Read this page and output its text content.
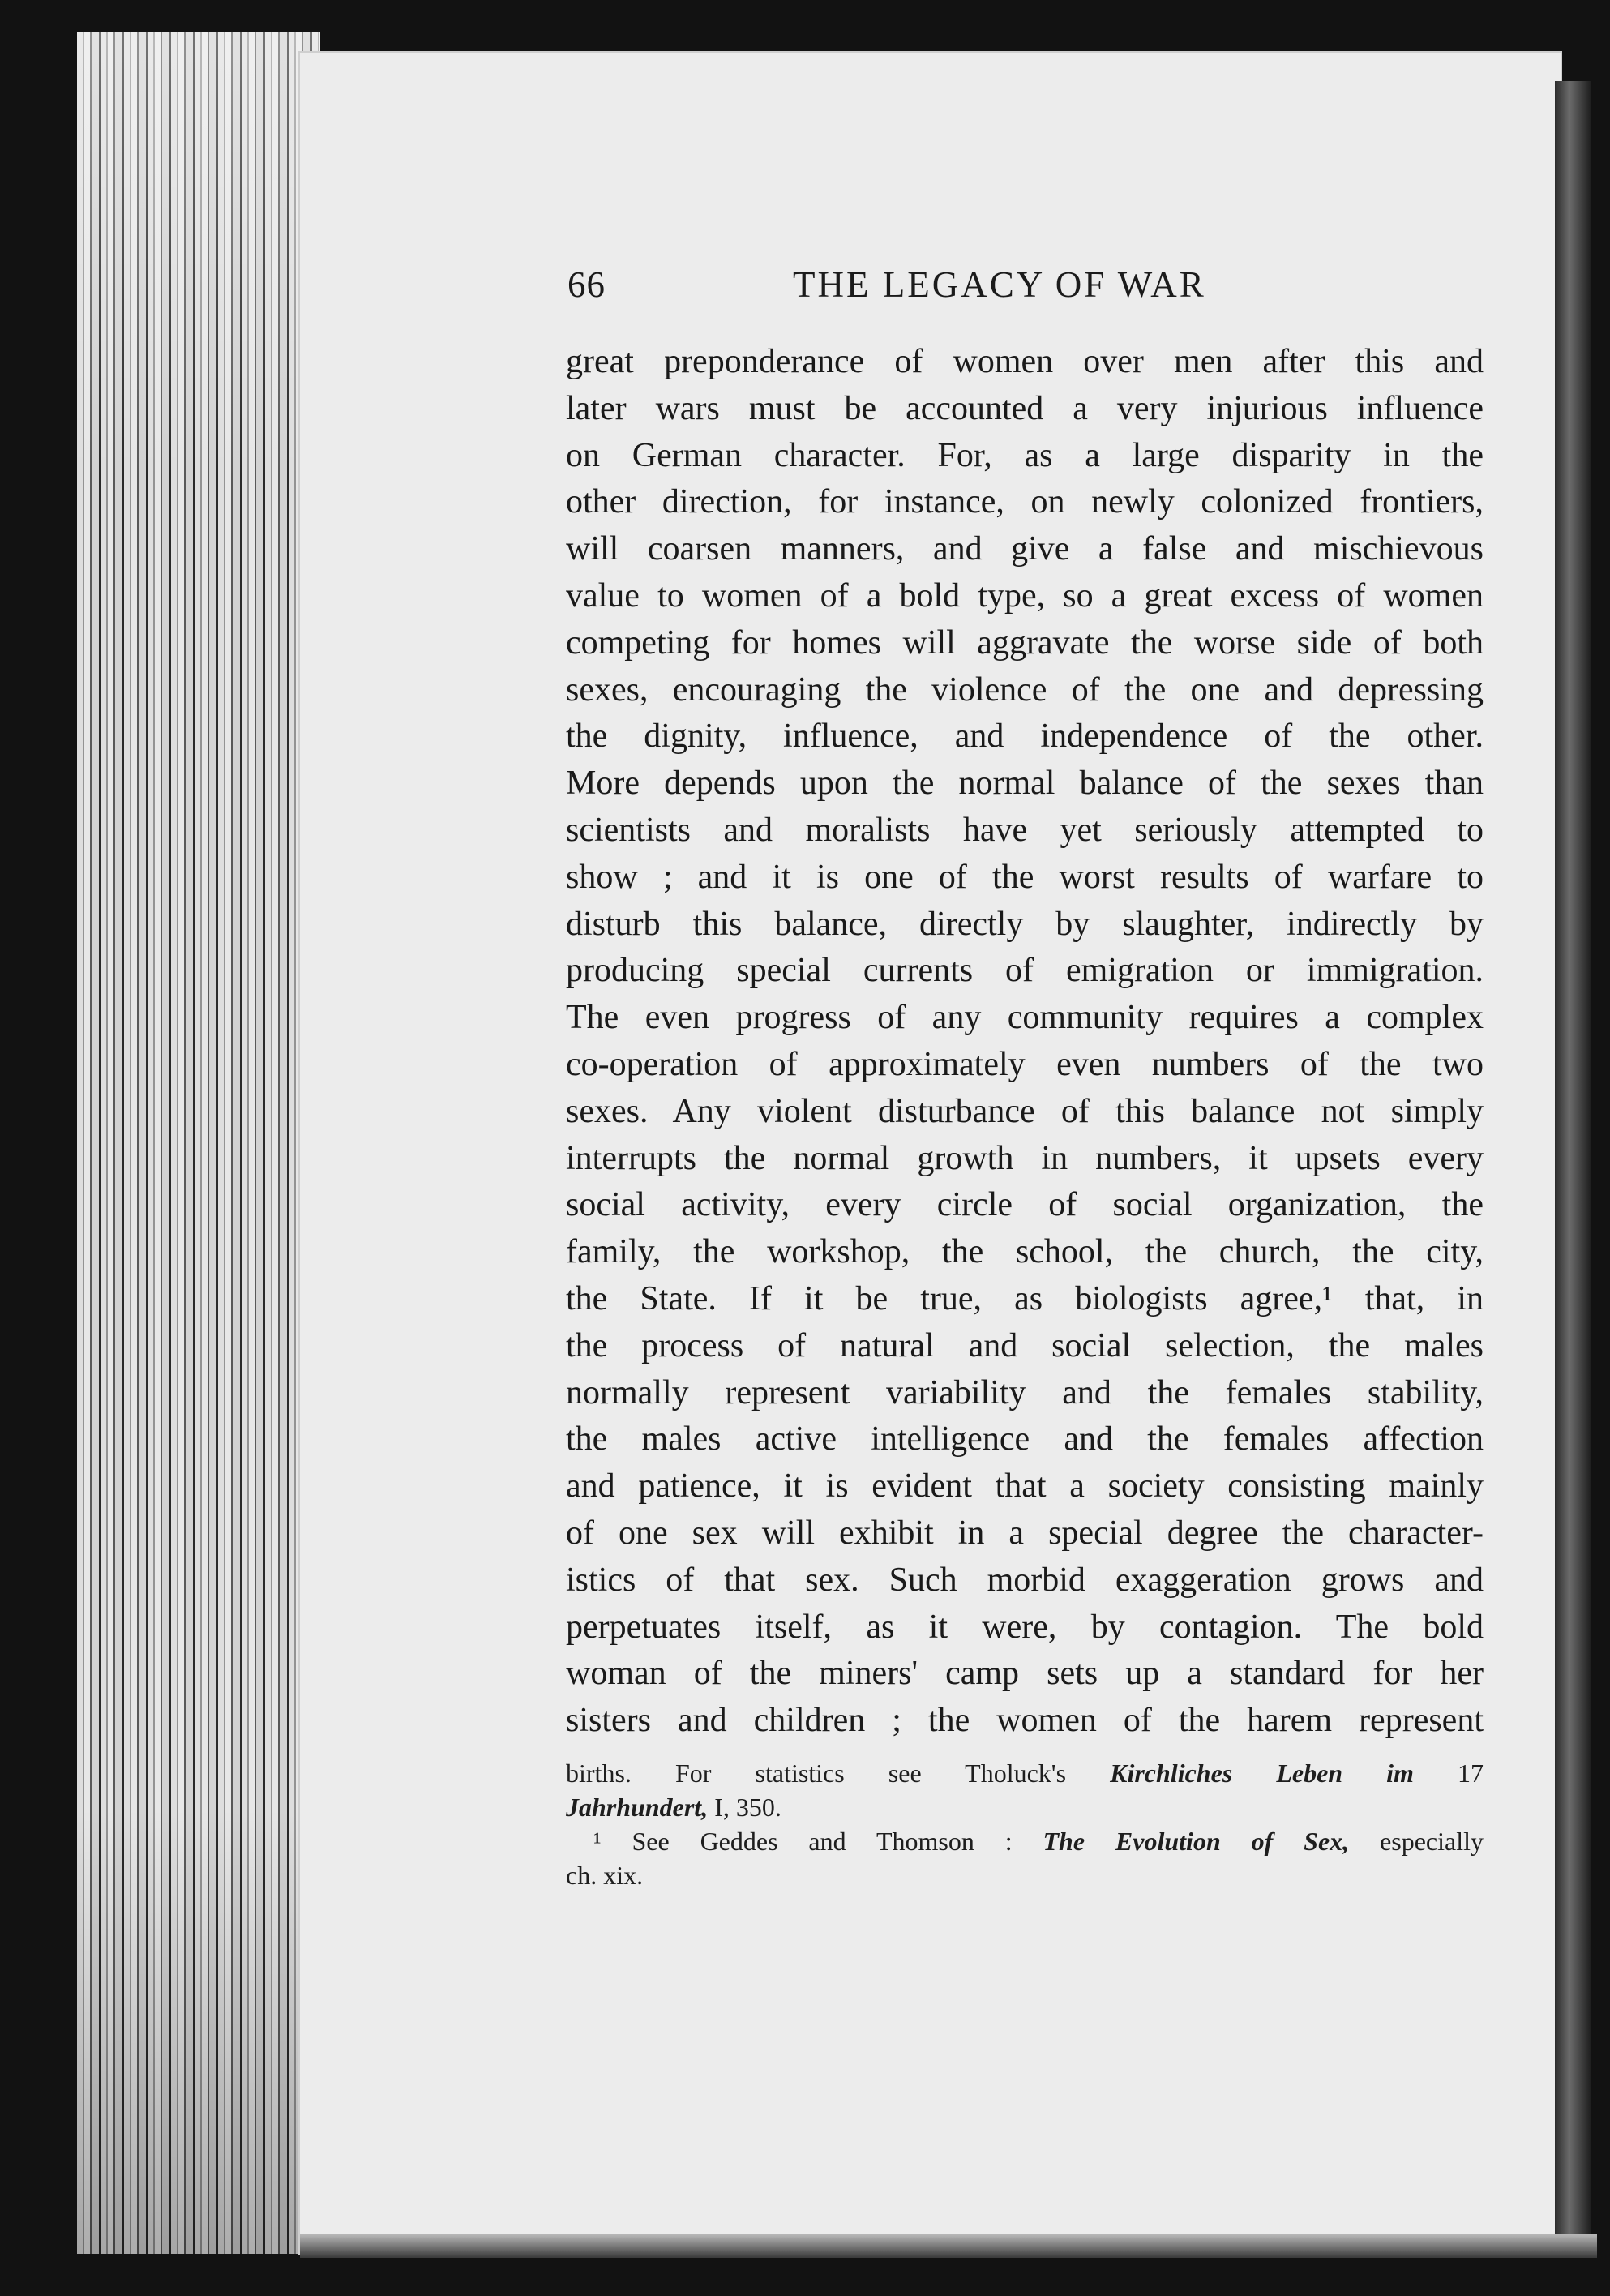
66	THE LEGACY OF WAR
great preponderance of women over men after this and
later wars must be accounted a very injurious influence
on German character. For, as a large disparity in the
other direction, for instance, on newly colonized frontiers,
will coarsen manners, and give a false and mischievous
value to women of a bold type, so a great excess of women
competing for homes will aggravate the worse side of both
sexes, encouraging the violence of the one and depressing
the dignity, influence, and independence of the other.
More depends upon the normal balance of the sexes than
scientists and moralists have yet seriously attempted to
show ; and it is one of the worst results of warfare to
disturb this balance, directly by slaughter, indirectly by
producing special currents of emigration or immigration.
The even progress of any community requires a complex
co-operation of approximately even numbers of the two
sexes. Any violent disturbance of this balance not simply
interrupts the normal growth in numbers, it upsets every
social activity, every circle of social organization, the
family, the workshop, the school, the church, the city,
the State. If it be true, as biologists agree,¹ that, in
the process of natural and social selection, the males
normally represent variability and the females stability,
the males active intelligence and the females affection
and patience, it is evident that a society consisting mainly
of one sex will exhibit in a special degree the character-
istics of that sex. Such morbid exaggeration grows and
perpetuates itself, as it were, by contagion. The bold
woman of the miners' camp sets up a standard for her
sisters and children ; the women of the harem represent
births. For statistics see Tholuck's Kirchliches Leben im 17
Jahrhundert, I, 350.
¹ See Geddes and Thomson : The Evolution of Sex, especially
ch. xix.
